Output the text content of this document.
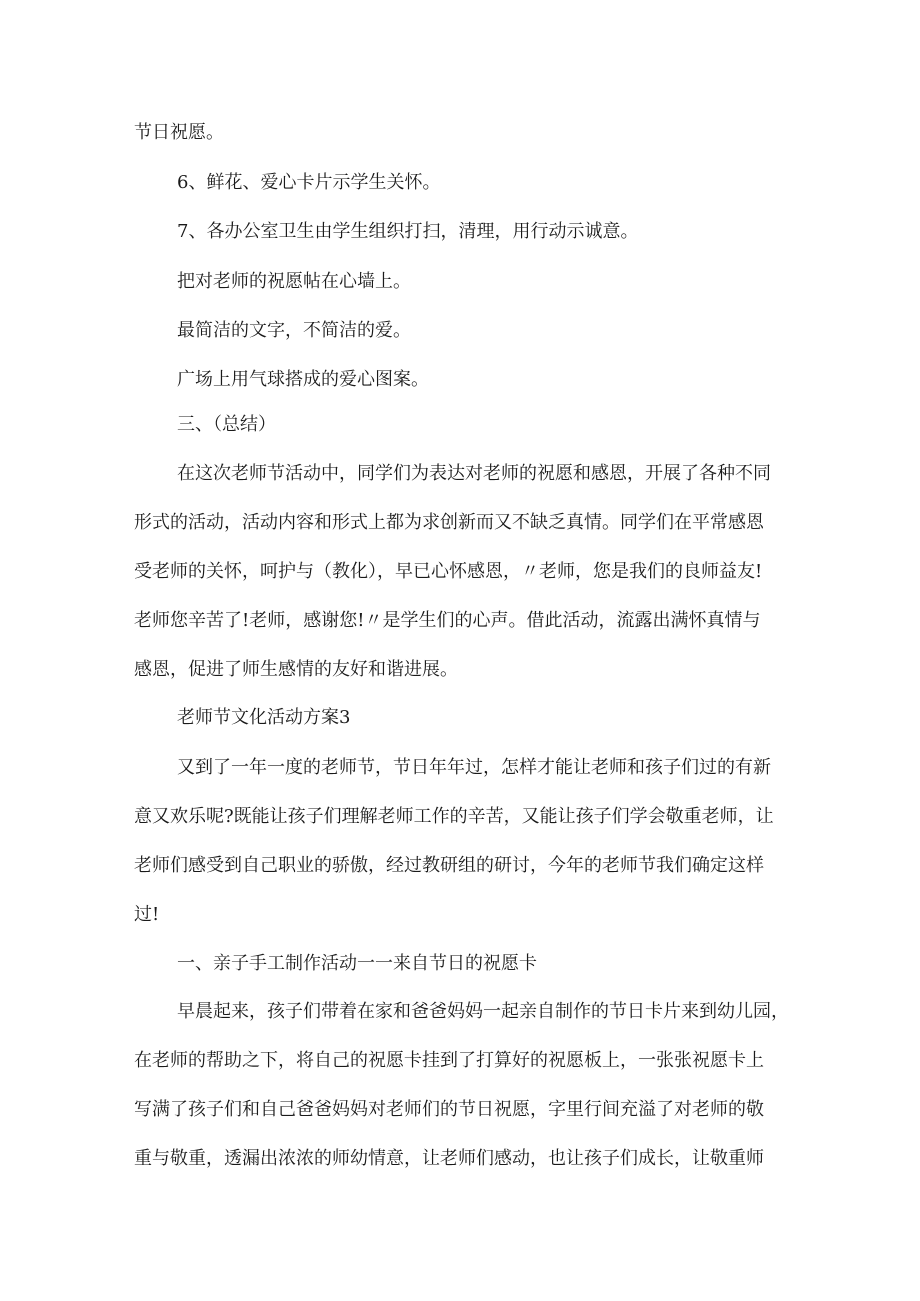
节日祝愿。

6、鲜花、爱心卡片示学生关怀。

7、各办公室卫生由学生组织打扫，清理，用行动示诚意。

把对老师的祝愿帖在心墙上。

最简洁的文字，不简洁的爱。

广场上用气球搭成的爱心图案。

三、（总结）

在这次老师节活动中，同学们为表达对老师的祝愿和感恩，开展了各种不同

形式的活动，活动内容和形式上都为求创新而又不缺乏真情。同学们在平常感恩

受老师的关怀，呵护与（教化），早已心怀感恩，〃老师，您是我们的良师益友!

老师您辛苦了!老师，感谢您!〃是学生们的心声。借此活动，流露出满怀真情与

感恩，促进了师生感情的友好和谐进展。

老师节文化活动方案3

又到了一年一度的老师节，节日年年过，怎样才能让老师和孩子们过的有新

意又欢乐呢?既能让孩子们理解老师工作的辛苦，又能让孩子们学会敬重老师，让

老师们感受到自己职业的骄傲，经过教研组的研讨，今年的老师节我们确定这样

过!

一、亲子手工制作活动一一来自节日的祝愿卡

早晨起来，孩子们带着在家和爸爸妈妈一起亲自制作的节日卡片来到幼儿园，

在老师的帮助之下，将自己的祝愿卡挂到了打算好的祝愿板上，一张张祝愿卡上

写满了孩子们和自己爸爸妈妈对老师们的节日祝愿，字里行间充溢了对老师的敬

重与敬重，透漏出浓浓的师幼情意，让老师们感动，也让孩子们成长，让敬重师
